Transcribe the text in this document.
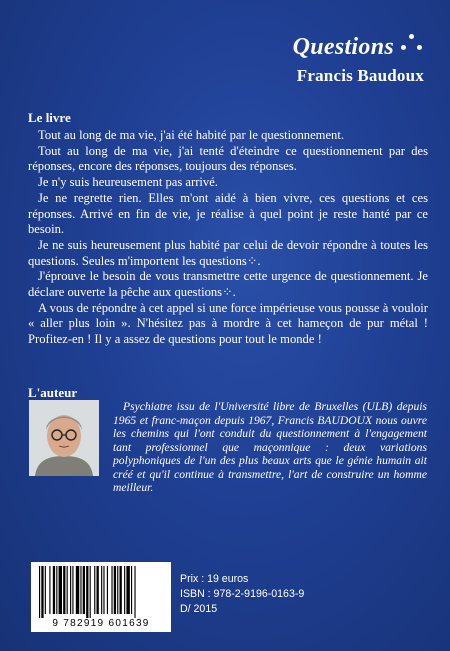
Questions
Francis Baudoux
Le livre

Tout au long de ma vie, j'ai été habité par le questionnement.

Tout au long de ma vie, j'ai tenté d'éteindre ce questionnement par des réponses, encore des réponses, toujours des réponses.

Je n'y suis heureusement pas arrivé.

Je ne regrette rien. Elles m'ont aidé à bien vivre, ces questions et ces réponses. Arrivé en fin de vie, je réalise à quel point je reste hanté par ce besoin.

Je ne suis heureusement plus habité par celui de devoir répondre à toutes les questions. Seules m'importent les questions⁘.

J'éprouve le besoin de vous transmettre cette urgence de questionnement. Je déclare ouverte la pêche aux questions⁘.

A vous de répondre à cet appel si une force impérieuse vous pousse à vouloir « aller plus loin ». N'hésitez pas à mordre à cet hameçon de pur métal ! Profitez-en ! Il y a assez de questions pour tout le monde !

L'auteur

Psychiatre issu de l'Université libre de Bruxelles (ULB) depuis 1965 et franc-maçon depuis 1967, Francis BAUDOUX nous ouvre les chemins qui l'ont conduit du questionnement à l'engagement tant professionnel que maçonnique : deux variations polyphoniques de l'un des plus beaux arts que le génie humain ait créé et qu'il continue à transmettre, l'art de construire un homme meilleur.

9 782919 601639
Prix : 19 euros
ISBN : 978-2-9196-0163-9
D/ 2015
